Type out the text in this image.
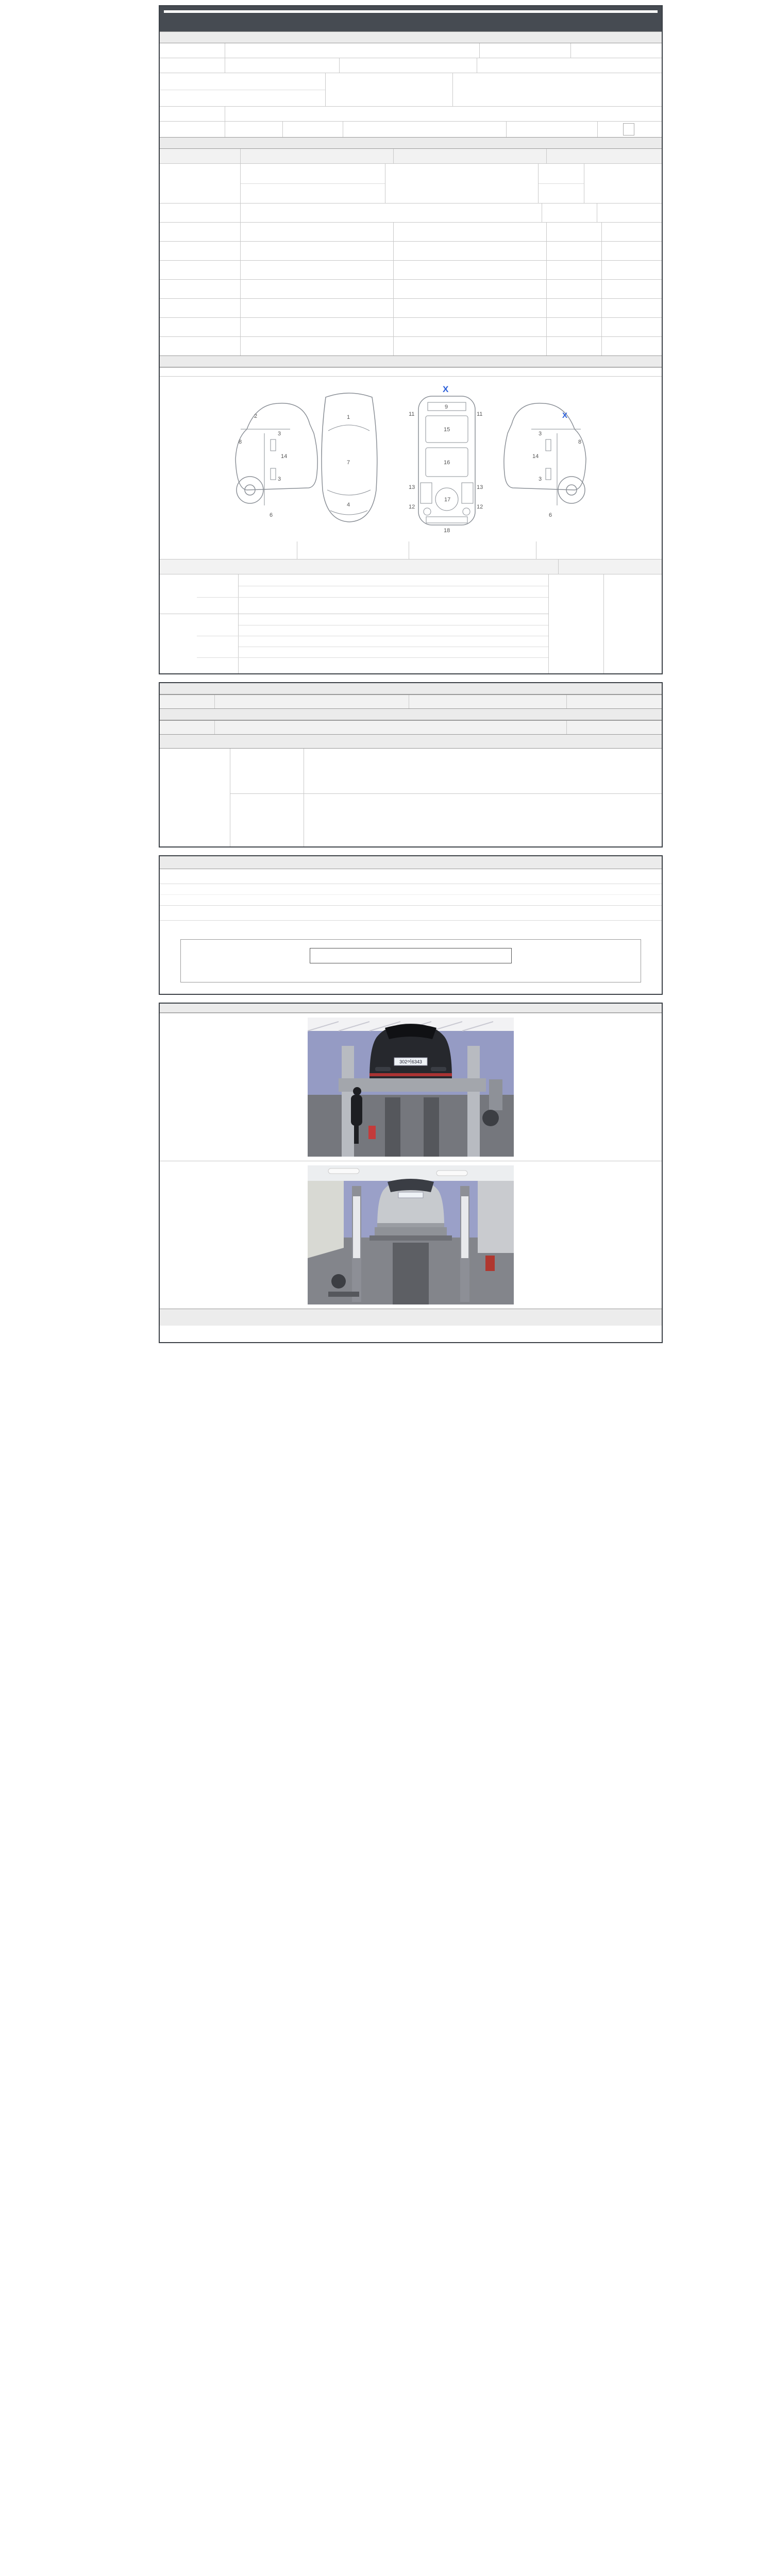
2
8
3
14
3
6
1
7
4
13	13
12	12
9
11	11
15
16
17
18
X
8
3
14
3
6
X
302어6343
